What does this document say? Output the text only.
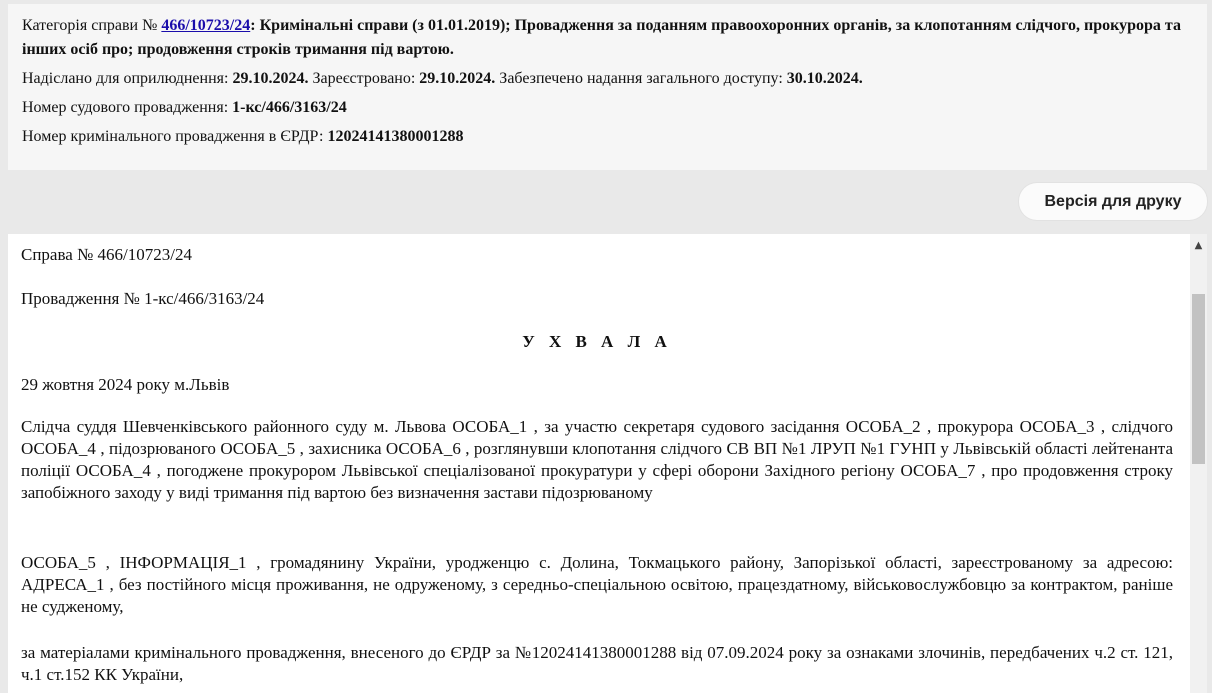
Категорія справи № 466/10723/24: Кримінальні справи (з 01.01.2019); Провадження за поданням правоохоронних органів, за клопотанням слідчого, прокурора та інших осіб про; продовження строків тримання під вартою.
Надіслано для оприлюднення: 29.10.2024. Зареєстровано: 29.10.2024. Забезпечено надання загального доступу: 30.10.2024.
Номер судового провадження: 1-кс/466/3163/24
Номер кримінального провадження в ЄРДР: 12024141380001288
Версія для друку

Справа № 466/10723/24

Провадження № 1-кс/466/3163/24

У Х В А Л А

29 жовтня 2024 року м.Львів

Слідча суддя Шевченківського районного суду м. Львова ОСОБА_1 , за участю секретаря судового засідання ОСОБА_2 , прокурора ОСОБА_3 , слідчого ОСОБА_4 , підозрюваного ОСОБА_5 , захисника ОСОБА_6 , розглянувши клопотання слідчого СВ ВП №1 ЛРУП №1 ГУНП у Львівській області лейтенанта поліції ОСОБА_4 , погоджене прокурором Львівської спеціалізованої прокуратури у сфері оборони Західного регіону ОСОБА_7 , про продовження строку запобіжного заходу у виді тримання під вартою без визначення застави підозрюваному

ОСОБА_5 , ІНФОРМАЦІЯ_1 , громадянину України, уродженцю с. Долина, Токмацького району, Запорізької області, зареєстрованому за адресою: АДРЕСА_1 , без постійного місця проживання, не одруженому, з середньо-спеціальною освітою, працездатному, військовослужбовцю за контрактом, раніше не судженому,

за матеріалами кримінального провадження, внесеного до ЄРДР за №12024141380001288 від 07.09.2024 року за ознаками злочинів, передбачених ч.2 ст. 121, ч.1 ст.152 КК України,

▲
